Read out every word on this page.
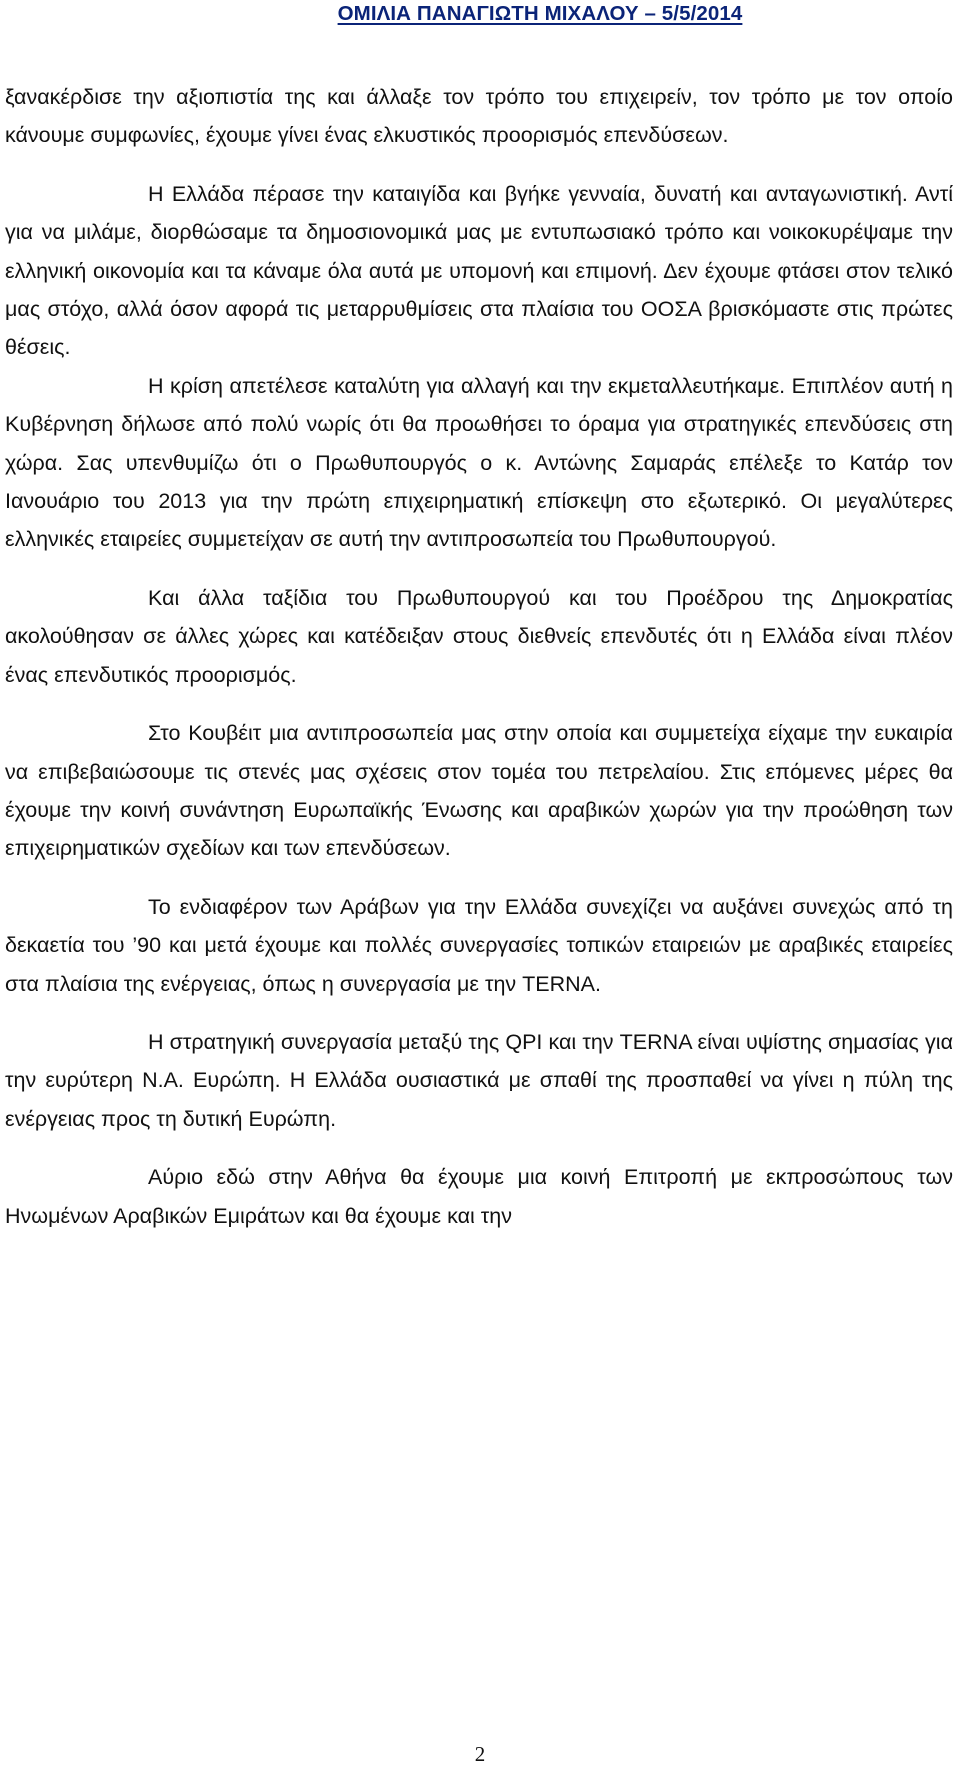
ΟΜΙΛΙΑ ΠΑΝΑΓΙΩΤΗ ΜΙΧΑΛΟΥ – 5/5/2014

ξανακέρδισε την αξιοπιστία της και άλλαξε τον τρόπο του επιχειρείν, τον τρόπο με τον οποίο κάνουμε συμφωνίες, έχουμε γίνει ένας ελκυστικός προορισμός επενδύσεων.

Η Ελλάδα πέρασε την καταιγίδα και βγήκε γενναία, δυνατή και ανταγωνιστική. Αντί για να μιλάμε, διορθώσαμε τα δημοσιονομικά μας με εντυπωσιακό τρόπο και νοικοκυρέψαμε την ελληνική οικονομία και τα κάναμε όλα αυτά με υπομονή και επιμονή. Δεν έχουμε φτάσει στον τελικό μας στόχο, αλλά όσον αφορά τις μεταρρυθμίσεις στα πλαίσια του ΟΟΣΑ βρισκόμαστε στις πρώτες θέσεις.

Η κρίση απετέλεσε καταλύτη για αλλαγή και την εκμεταλλευτήκαμε. Επιπλέον αυτή η Κυβέρνηση δήλωσε από πολύ νωρίς ότι θα προωθήσει το όραμα για στρατηγικές επενδύσεις στη χώρα. Σας υπενθυμίζω ότι ο Πρωθυπουργός ο κ. Αντώνης Σαμαράς επέλεξε το Κατάρ τον Ιανουάριο του 2013 για την πρώτη επιχειρηματική επίσκεψη στο εξωτερικό. Οι μεγαλύτερες ελληνικές εταιρείες συμμετείχαν σε αυτή την αντιπροσωπεία του Πρωθυπουργού.

Και άλλα ταξίδια του Πρωθυπουργού και του Προέδρου της Δημοκρατίας ακολούθησαν σε άλλες χώρες και κατέδειξαν στους διεθνείς επενδυτές ότι η Ελλάδα είναι πλέον ένας επενδυτικός προορισμός.

Στο Κουβέιτ μια αντιπροσωπεία μας στην οποία και συμμετείχα είχαμε την ευκαιρία να επιβεβαιώσουμε τις στενές μας σχέσεις στον τομέα του πετρελαίου. Στις επόμενες μέρες θα έχουμε την κοινή συνάντηση Ευρωπαϊκής Ένωσης και αραβικών χωρών για την προώθηση των επιχειρηματικών σχεδίων και των επενδύσεων.

Το ενδιαφέρον των Αράβων για την Ελλάδα συνεχίζει να αυξάνει συνεχώς από τη δεκαετία του ’90 και μετά έχουμε και πολλές συνεργασίες τοπικών εταιρειών με αραβικές εταιρείες στα πλαίσια της ενέργειας, όπως η συνεργασία με την TERNA.

Η στρατηγική συνεργασία μεταξύ της QPI και την TERNA είναι υψίστης σημασίας για την ευρύτερη Ν.Α. Ευρώπη. Η Ελλάδα ουσιαστικά με σπαθί της προσπαθεί να γίνει η πύλη της ενέργειας προς τη δυτική Ευρώπη.

Αύριο εδώ στην Αθήνα θα έχουμε μια κοινή Επιτροπή με εκπροσώπους των Ηνωμένων Αραβικών Εμιράτων και θα έχουμε και την

2
